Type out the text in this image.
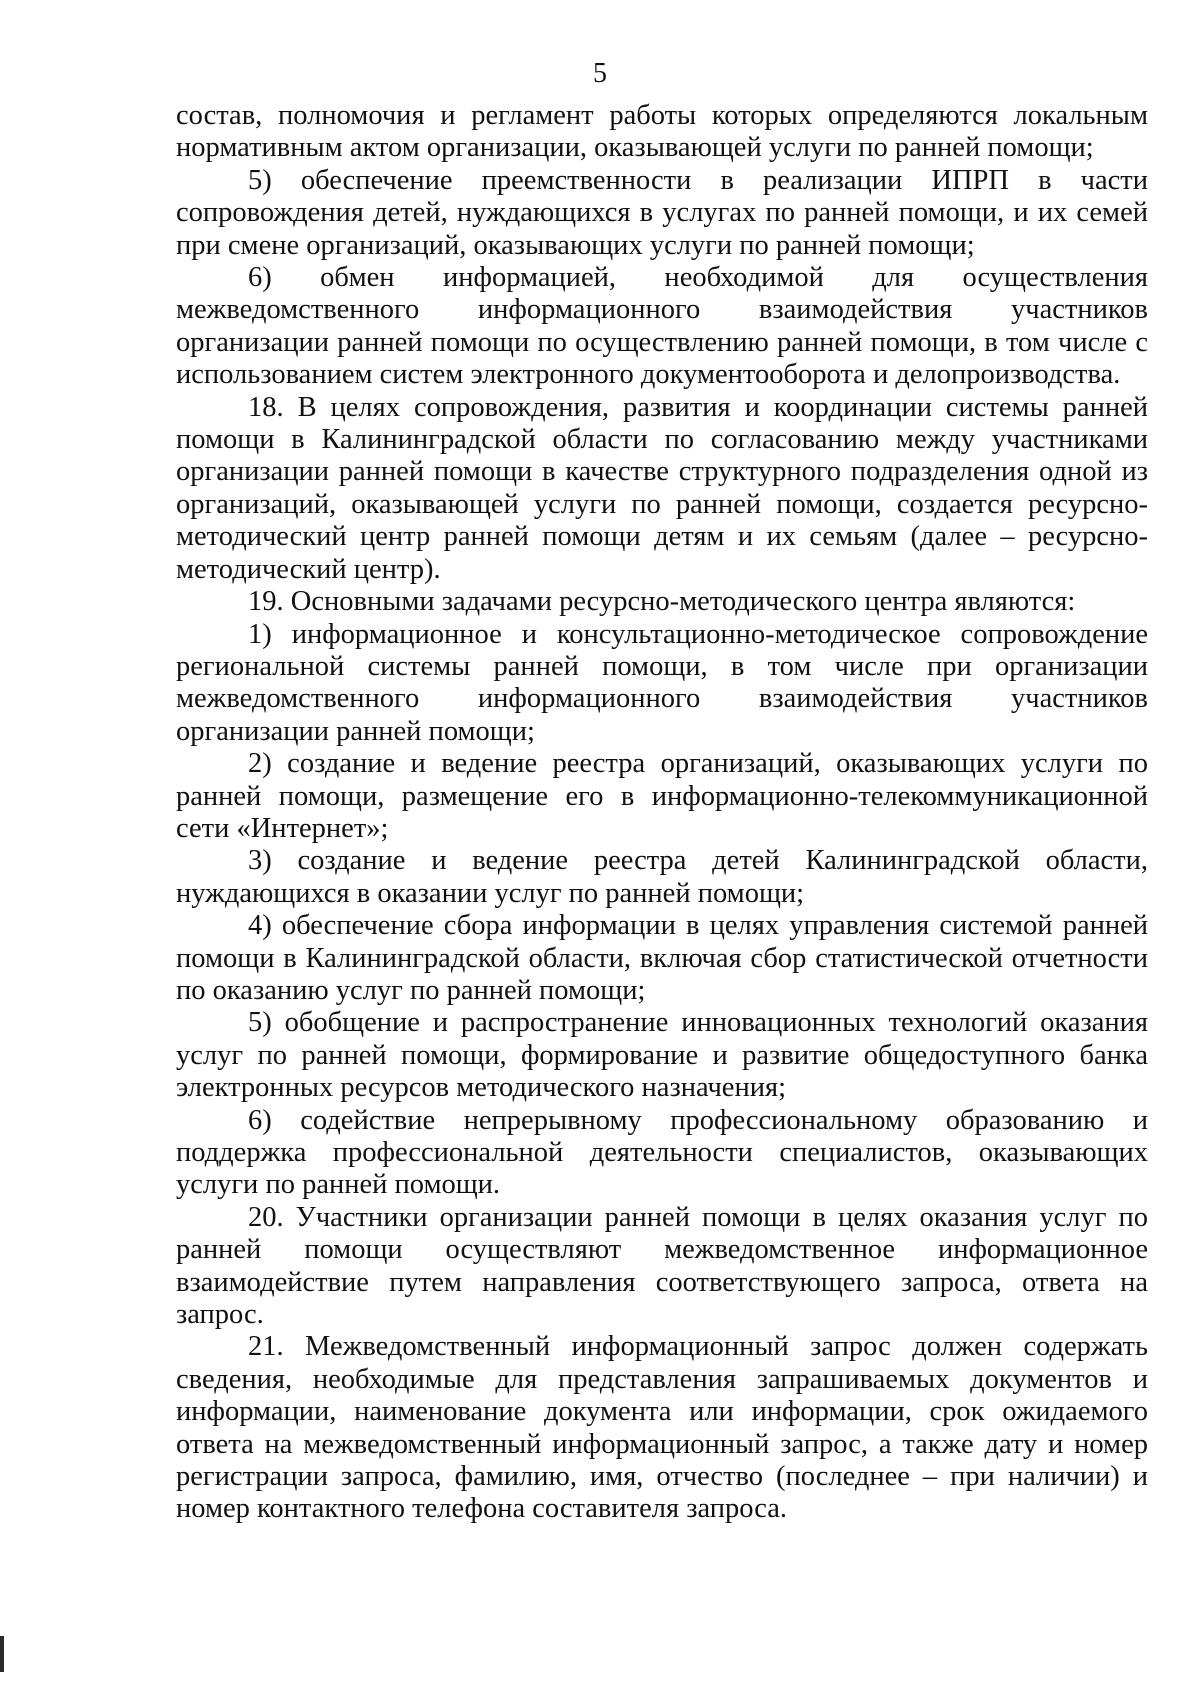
5

состав, полномочия и регламент работы которых определяются локальным нормативным актом организации, оказывающей услуги по ранней помощи;

5) обеспечение преемственности в реализации ИПРП в части сопровождения детей, нуждающихся в услугах по ранней помощи, и их семей при смене организаций, оказывающих услуги по ранней помощи;

6) обмен информацией, необходимой для осуществления межведомственного информационного взаимодействия участников организации ранней помощи по осуществлению ранней помощи, в том числе с использованием систем электронного документооборота и делопроизводства.

18. В целях сопровождения, развития и координации системы ранней помощи в Калининградской области по согласованию между участниками организации ранней помощи в качестве структурного подразделения одной из организаций, оказывающей услуги по ранней помощи, создается ресурсно-методический центр ранней помощи детям и их семьям (далее – ресурсно-методический центр).

19. Основными задачами ресурсно-методического центра являются:

1) информационное и консультационно-методическое сопровождение региональной системы ранней помощи, в том числе при организации межведомственного информационного взаимодействия участников организации ранней помощи;

2) создание и ведение реестра организаций, оказывающих услуги по ранней помощи, размещение его в информационно-телекоммуникационной сети «Интернет»;

3) создание и ведение реестра детей Калининградской области, нуждающихся в оказании услуг по ранней помощи;

4) обеспечение сбора информации в целях управления системой ранней помощи в Калининградской области, включая сбор статистической отчетности по оказанию услуг по ранней помощи;

5) обобщение и распространение инновационных технологий оказания услуг по ранней помощи, формирование и развитие общедоступного банка электронных ресурсов методического назначения;

6) содействие непрерывному профессиональному образованию и поддержка профессиональной деятельности специалистов, оказывающих услуги по ранней помощи.

20. Участники организации ранней помощи в целях оказания услуг по ранней помощи осуществляют межведомственное информационное взаимодействие путем направления соответствующего запроса, ответа на запрос.

21. Межведомственный информационный запрос должен содержать сведения, необходимые для представления запрашиваемых документов и информации, наименование документа или информации, срок ожидаемого ответа на межведомственный информационный запрос, а также дату и номер регистрации запроса, фамилию, имя, отчество (последнее – при наличии) и номер контактного телефона составителя запроса.
